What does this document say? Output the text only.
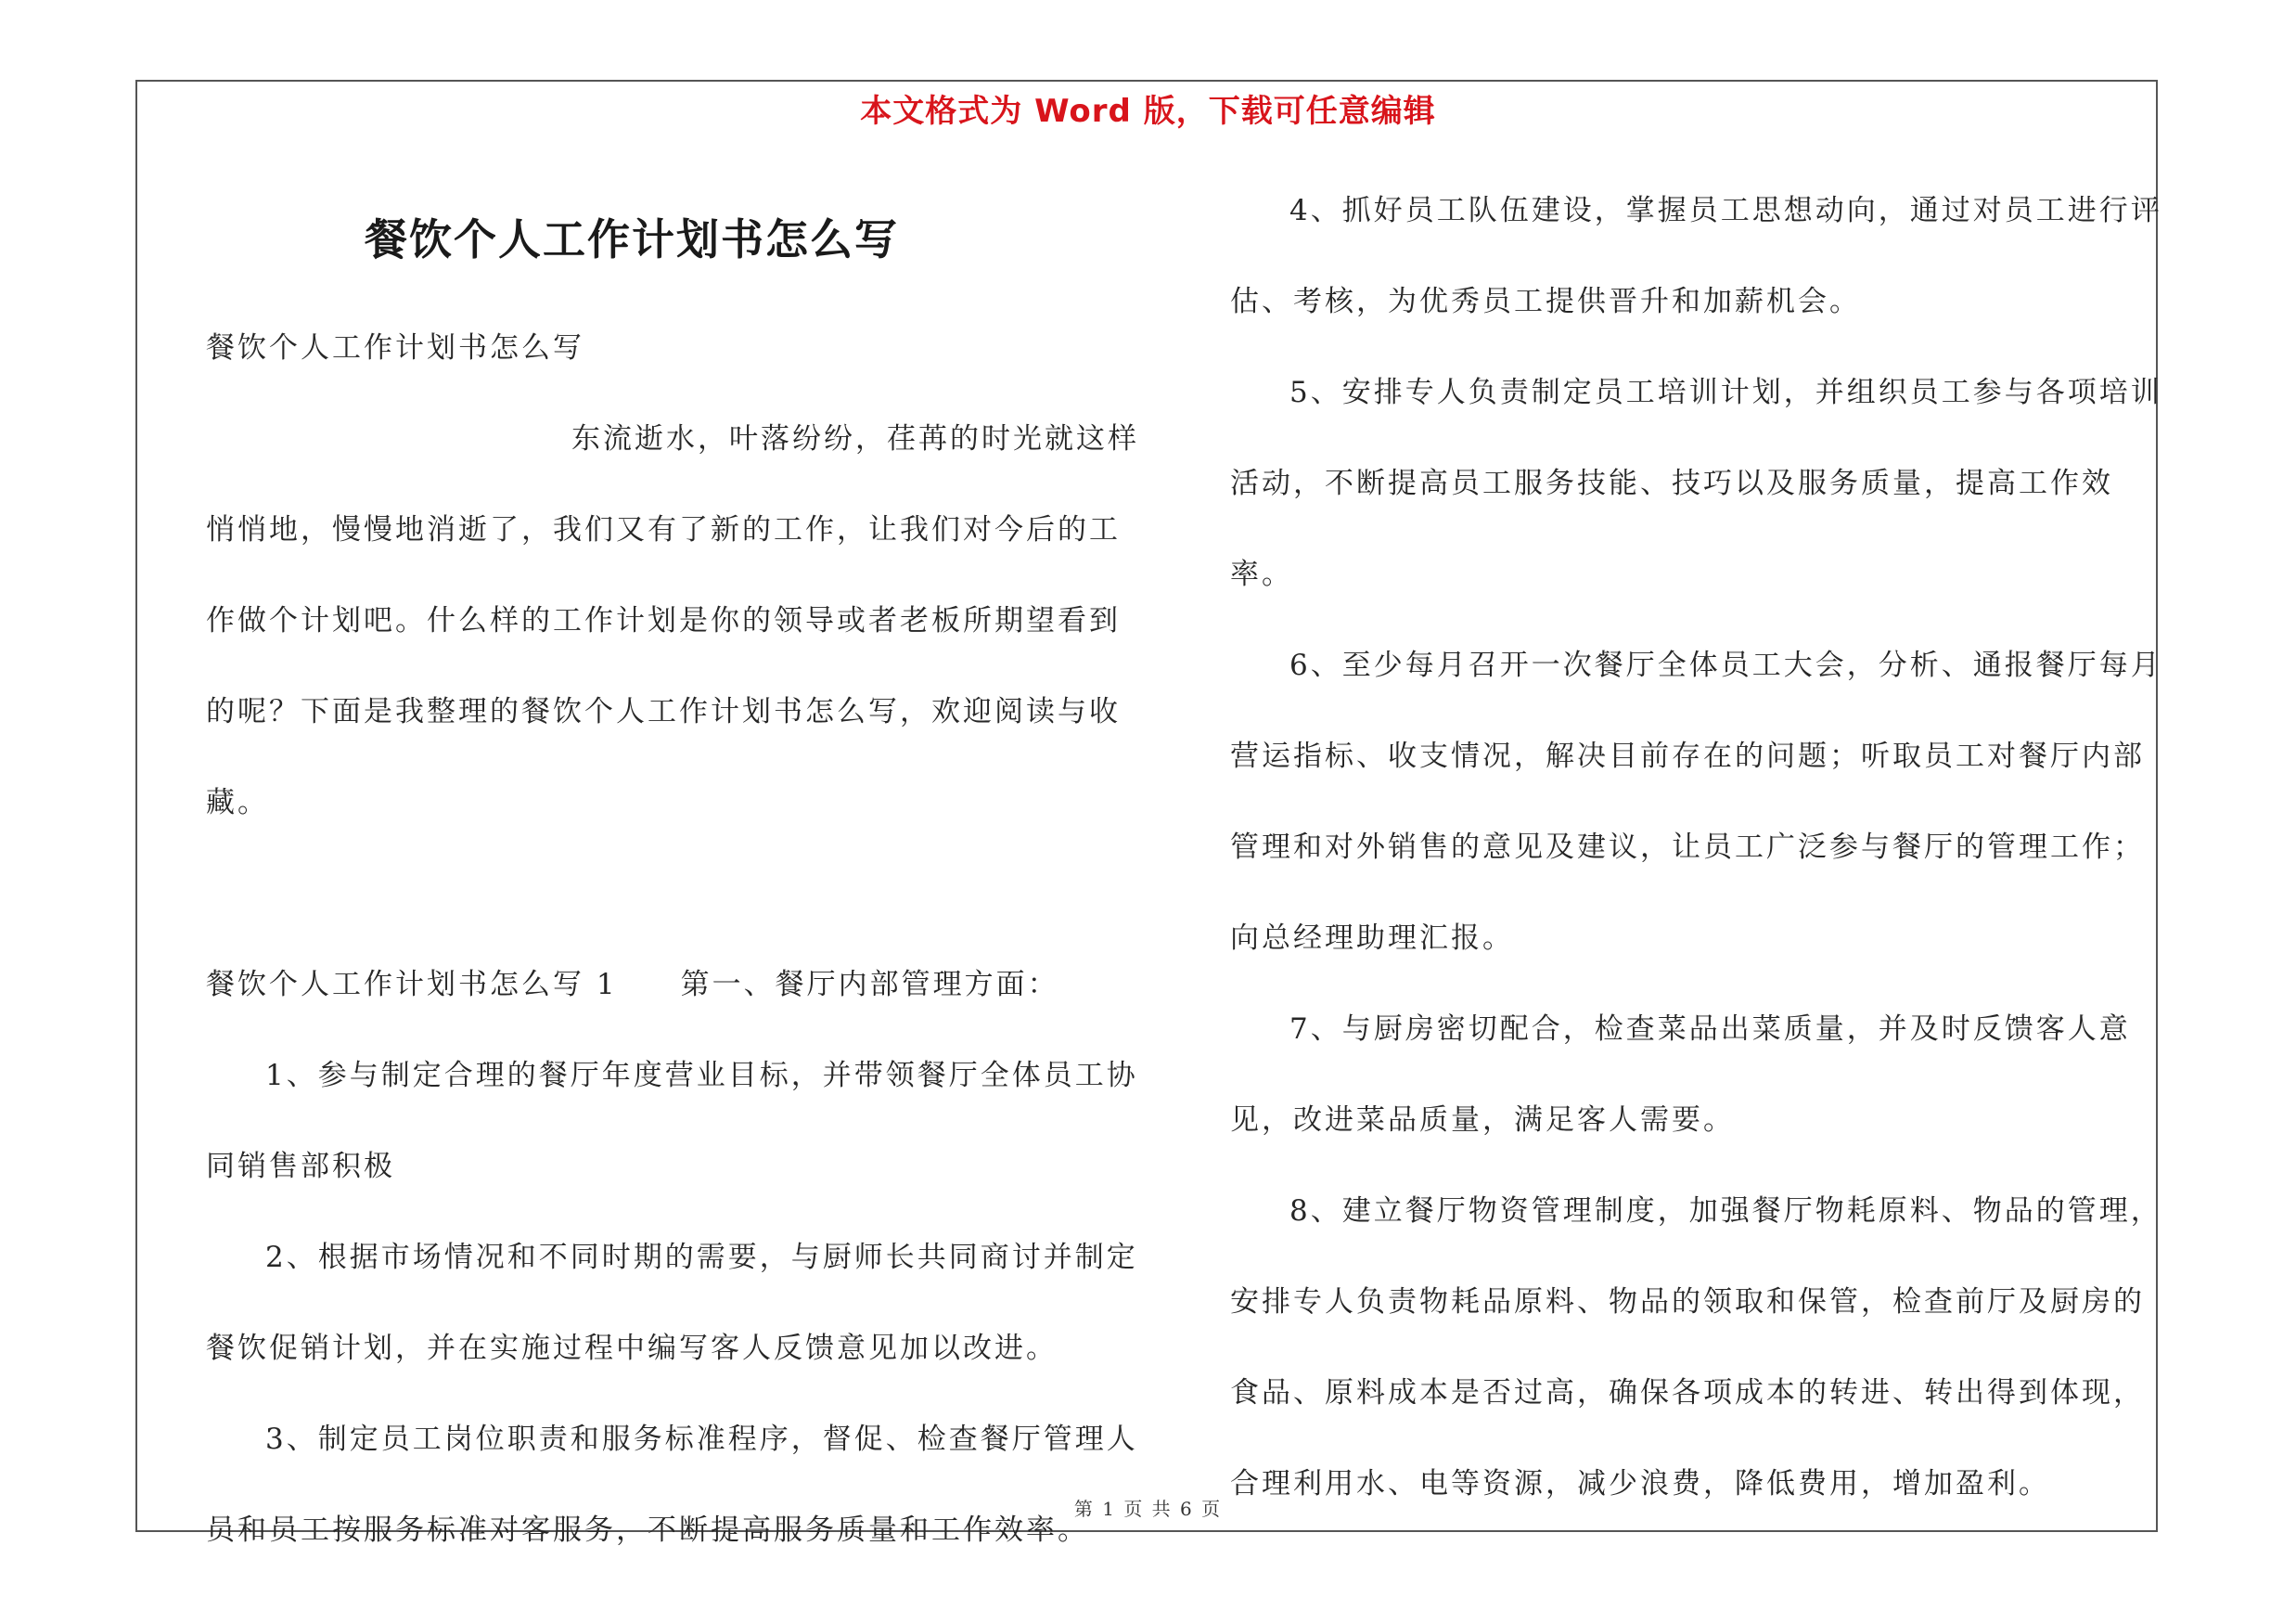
本文格式为 Word 版，下载可任意编辑
餐饮个人工作计划书怎么写

餐饮个人工作计划书怎么写

东流逝水，叶落纷纷，荏苒的时光就这样

悄悄地，慢慢地消逝了，我们又有了新的工作，让我们对今后的工作做个计划吧。什么样的工作计划是你的领导或者老板所期望看到的呢？下面是我整理的餐饮个人工作计划书怎么写，欢迎阅读与收藏。

餐饮个人工作计划书怎么写 1　　第一、餐厅内部管理方面：

1、参与制定合理的餐厅年度营业目标，并带领餐厅全体员工协同销售部积极

2、根据市场情况和不同时期的需要，与厨师长共同商讨并制定餐饮促销计划，并在实施过程中编写客人反馈意见加以改进。

3、制定员工岗位职责和服务标准程序，督促、检查餐厅管理人员和员工按服务标准对客服务，不断提高服务质量和工作效率。

4、抓好员工队伍建设，掌握员工思想动向，通过对员工进行评估、考核，为优秀员工提供晋升和加薪机会。

5、安排专人负责制定员工培训计划，并组织员工参与各项培训活动，不断提高员工服务技能、技巧以及服务质量，提高工作效率。

6、至少每月召开一次餐厅全体员工大会，分析、通报餐厅每月营运指标、收支情况，解决目前存在的问题；听取员工对餐厅内部管理和对外销售的意见及建议，让员工广泛参与餐厅的管理工作；向总经理助理汇报。

7、与厨房密切配合，检查菜品出菜质量，并及时反馈客人意见，改进菜品质量，满足客人需要。

8、建立餐厅物资管理制度，加强餐厅物耗原料、物品的管理，安排专人负责物耗品原料、物品的领取和保管，检查前厅及厨房的食品、原料成本是否过高，确保各项成本的转进、转出得到体现，合理利用水、电等资源，减少浪费，降低费用，增加盈利。

第 1 页 共 6 页
